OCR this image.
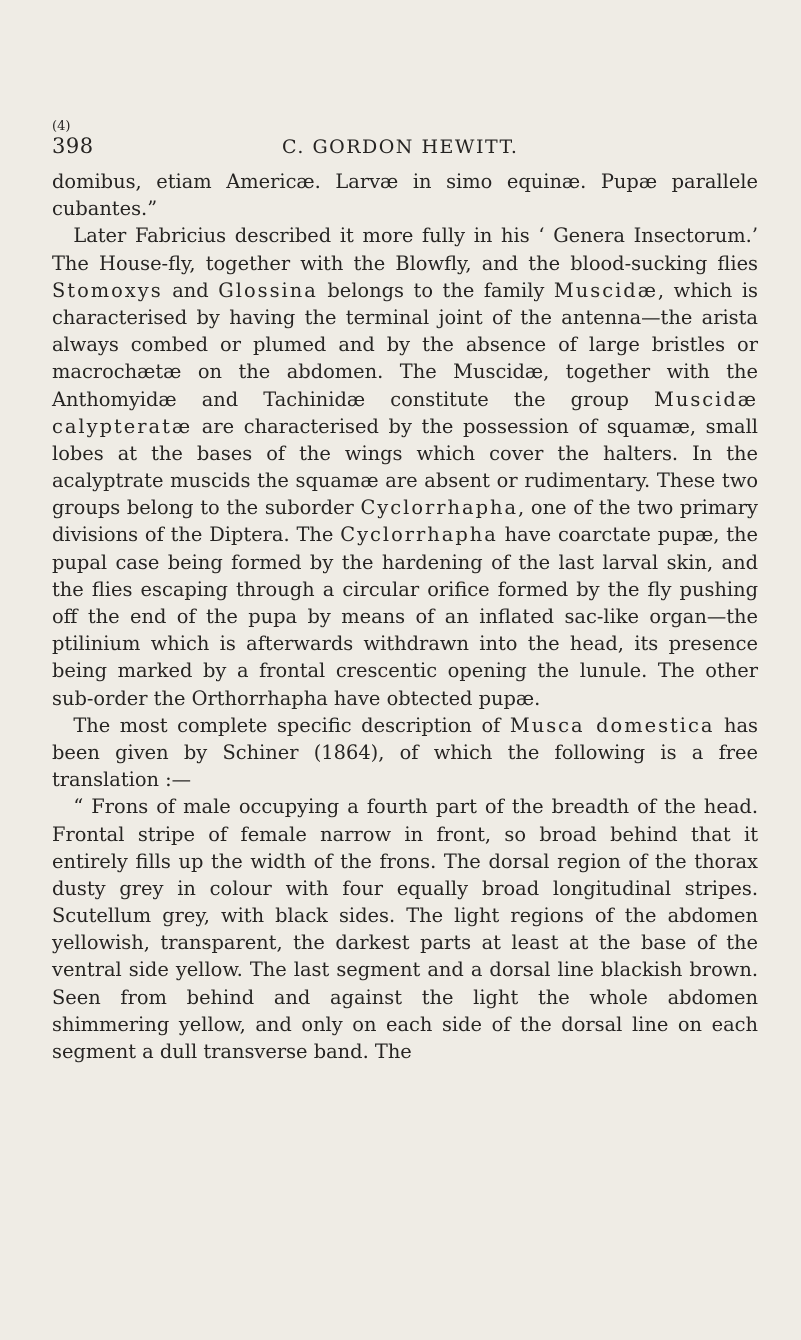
(4)
398	C. GORDON HEWITT.

domibus, etiam Americæ. Larvæ in simo equinæ. Pupæ parallele cubantes.”

Later Fabricius described it more fully in his ‘ Genera Insectorum.’ The House-fly, together with the Blowfly, and the blood-sucking flies Stomoxys and Glossina belongs to the family Muscidæ, which is characterised by having the terminal joint of the antenna—the arista always combed or plumed and by the absence of large bristles or macrochætæ on the abdomen. The Muscidæ, together with the Anthomyidæ and Tachinidæ constitute the group Muscidæ calypteratæ are characterised by the possession of squamæ, small lobes at the bases of the wings which cover the halters. In the acalyptrate muscids the squamæ are absent or rudimentary. These two groups belong to the suborder Cyclorrhapha, one of the two primary divisions of the Diptera. The Cyclorrhapha have coarctate pupæ, the pupal case being formed by the hardening of the last larval skin, and the flies escaping through a circular orifice formed by the fly pushing off the end of the pupa by means of an inflated sac-like organ—the ptilinium which is afterwards withdrawn into the head, its presence being marked by a frontal crescentic opening the lunule. The other sub-order the Orthorrhapha have obtected pupæ.

The most complete specific description of Musca domestica has been given by Schiner (1864), of which the following is a free translation :—

“ Frons of male occupying a fourth part of the breadth of the head. Frontal stripe of female narrow in front, so broad behind that it entirely fills up the width of the frons. The dorsal region of the thorax dusty grey in colour with four equally broad longitudinal stripes. Scutellum grey, with black sides. The light regions of the abdomen yellowish, transparent, the darkest parts at least at the base of the ventral side yellow. The last segment and a dorsal line blackish brown. Seen from behind and against the light the whole abdomen shimmering yellow, and only on each side of the dorsal line on each segment a dull transverse band. The
